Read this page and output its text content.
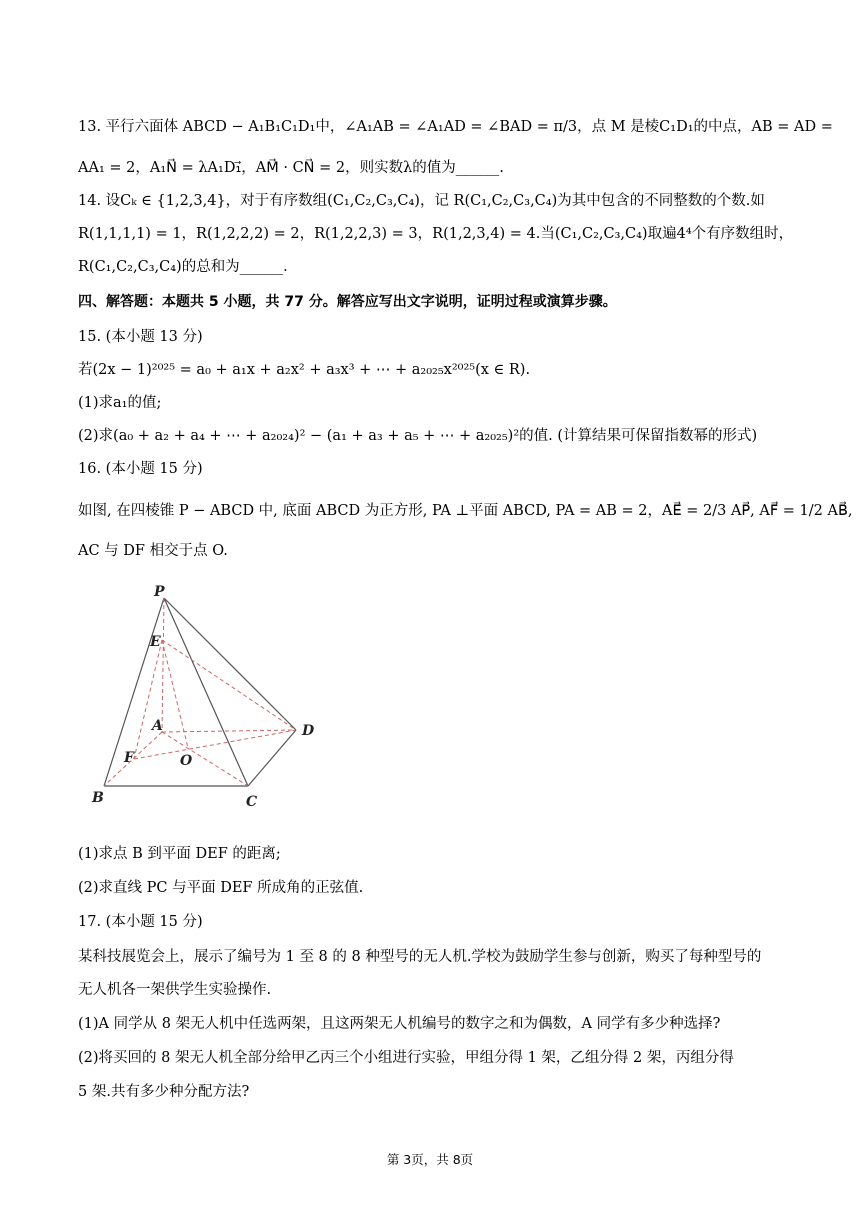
13. 平行六面体 ABCD − A₁B₁C₁D₁中，∠A₁AB = ∠A₁AD = ∠BAD = π/3，点 M 是棱C₁D₁的中点，AB = AD =
AA₁ = 2，A₁N⃗ = λA₁D₁⃗，AM⃗ · CN⃗ = 2，则实数λ的值为______.
14. 设Cₖ ∈ {1,2,3,4}，对于有序数组(C₁,C₂,C₃,C₄)，记 R(C₁,C₂,C₃,C₄)为其中包含的不同整数的个数.如
R(1,1,1,1) = 1，R(1,2,2,2) = 2，R(1,2,2,3) = 3，R(1,2,3,4) = 4.当(C₁,C₂,C₃,C₄)取遍4⁴个有序数组时，
R(C₁,C₂,C₃,C₄)的总和为______.
四、解答题：本题共 5 小题，共 77 分。解答应写出文字说明，证明过程或演算步骤。
15. (本小题 13 分)
若(2x − 1)²⁰²⁵ = a₀ + a₁x + a₂x² + a₃x³ + ⋯ + a₂₀₂₅x²⁰²⁵(x ∈ R).
(1)求a₁的值;
(2)求(a₀ + a₂ + a₄ + ⋯ + a₂₀₂₄)² − (a₁ + a₃ + a₅ + ⋯ + a₂₀₂₅)²的值. (计算结果可保留指数幂的形式)
16. (本小题 15 分)
如图, 在四棱锥 P − ABCD 中, 底面 ABCD 为正方形, PA ⊥平面 ABCD, PA = AB = 2，AE⃗ = 2/3 AP⃗, AF⃗ = 1/2 AB⃗,
AC 与 DF 相交于点 O.
P
E
A	D
F	O
B	C
(1)求点 B 到平面 DEF 的距离;
(2)求直线 PC 与平面 DEF 所成角的正弦值.
17. (本小题 15 分)
某科技展览会上，展示了编号为 1 至 8 的 8 种型号的无人机.学校为鼓励学生参与创新，购买了每种型号的
无人机各一架供学生实验操作.
(1)A 同学从 8 架无人机中任选两架，且这两架无人机编号的数字之和为偶数，A 同学有多少种选择?
(2)将买回的 8 架无人机全部分给甲乙丙三个小组进行实验，甲组分得 1 架，乙组分得 2 架，丙组分得
5 架.共有多少种分配方法?
第 3页，共 8页
